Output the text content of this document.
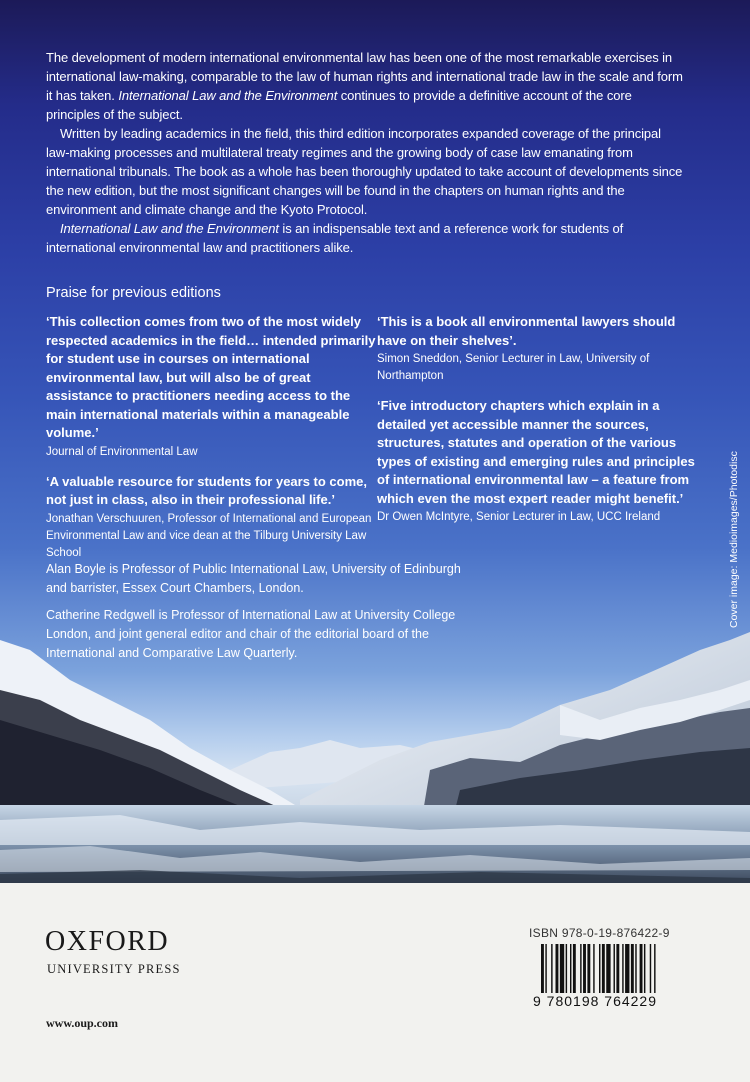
The development of modern international environmental law has been one of the most remarkable exercises in international law-making, comparable to the law of human rights and international trade law in the scale and form it has taken. International Law and the Environment continues to provide a definitive account of the core principles of the subject.

Written by leading academics in the field, this third edition incorporates expanded coverage of the principal law-making processes and multilateral treaty regimes and the growing body of case law emanating from international tribunals. The book as a whole has been thoroughly updated to take account of developments since the new edition, but the most significant changes will be found in the chapters on human rights and the environment and climate change and the Kyoto Protocol.

International Law and the Environment is an indispensable text and a reference work for students of international environmental law and practitioners alike.

Praise for previous editions
‘This collection comes from two of the most widely respected academics in the field… intended primarily for student use in courses on international environmental law, but will also be of great assistance to practitioners needing access to the main international materials within a manageable volume.’
Journal of Environmental Law
‘A valuable resource for students for years to come, not just in class, also in their professional life.’
Jonathan Verschuuren, Professor of International and European Environmental Law and vice dean at the Tilburg University Law School
‘This is a book all environmental lawyers should have on their shelves’.
Simon Sneddon, Senior Lecturer in Law, University of Northampton
‘Five introductory chapters which explain in a detailed yet accessible manner the sources, structures, statutes and operation of the various types of existing and emerging rules and principles of international environmental law – a feature from which even the most expert reader might benefit.’
Dr Owen McIntyre, Senior Lecturer in Law, UCC Ireland

Alan Boyle is Professor of Public International Law, University of Edinburgh and barrister, Essex Court Chambers, London.

Catherine Redgwell is Professor of International Law at University College London, and joint general editor and chair of the editorial board of the International and Comparative Law Quarterly.

Cover image: Medioimages/Photodisc
OXFORD
UNIVERSITY PRESS
www.oup.com
ISBN 978-0-19-876422-9
9 780198 764229
